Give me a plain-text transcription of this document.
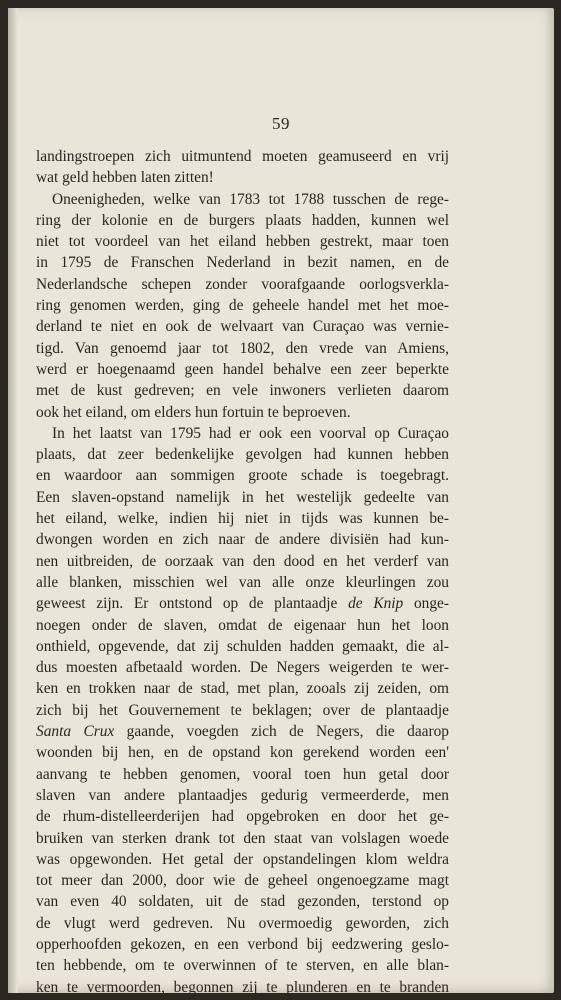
59
landingstroepen zich uitmuntend moeten geamuseerd en vrij
wat geld hebben laten zitten!
Oneenigheden, welke van 1783 tot 1788 tusschen de rege-
ring der kolonie en de burgers plaats hadden, kunnen wel
niet tot voordeel van het eiland hebben gestrekt, maar toen
in 1795 de Franschen Nederland in bezit namen, en de
Nederlandsche schepen zonder voorafgaande oorlogsverkla-
ring genomen werden, ging de geheele handel met het moe-
derland te niet en ook de welvaart van Curaçao was vernie-
tigd. Van genoemd jaar tot 1802, den vrede van Amiens,
werd er hoegenaamd geen handel behalve een zeer beperkte
met de kust gedreven; en vele inwoners verlieten daarom
ook het eiland, om elders hun fortuin te beproeven.
In het laatst van 1795 had er ook een voorval op Curaçao
plaats, dat zeer bedenkelijke gevolgen had kunnen hebben
en waardoor aan sommigen groote schade is toegebragt.
Een slaven-opstand namelijk in het westelijk gedeelte van
het eiland, welke, indien hij niet in tijds was kunnen be-
dwongen worden en zich naar de andere divisiën had kun-
nen uitbreiden, de oorzaak van den dood en het verderf van
alle blanken, misschien wel van alle onze kleurlingen zou
geweest zijn. Er ontstond op de plantaadje de Knip onge-
noegen onder de slaven, omdat de eigenaar hun het loon
onthield, opgevende, dat zij schulden hadden gemaakt, die al-
dus moesten afbetaald worden. De Negers weigerden te wer-
ken en trokken naar de stad, met plan, zooals zij zeiden, om
zich bij het Gouvernement te beklagen; over de plantaadje
Santa Crux gaande, voegden zich de Negers, die daarop
woonden bij hen, en de opstand kon gerekend worden een'
aanvang te hebben genomen, vooral toen hun getal door
slaven van andere plantaadjes gedurig vermeerderde, men
de rhum-distelleerderijen had opgebroken en door het ge-
bruiken van sterken drank tot den staat van volslagen woede
was opgewonden. Het getal der opstandelingen klom weldra
tot meer dan 2000, door wie de geheel ongenoegzame magt
van even 40 soldaten, uit de stad gezonden, terstond op
de vlugt werd gedreven. Nu overmoedig geworden, zich
opperhoofden gekozen, en een verbond bij eedzwering geslo-
ten hebbende, om te overwinnen of te sterven, en alle blan-
ken te vermoorden, begonnen zij te plunderen en te branden
